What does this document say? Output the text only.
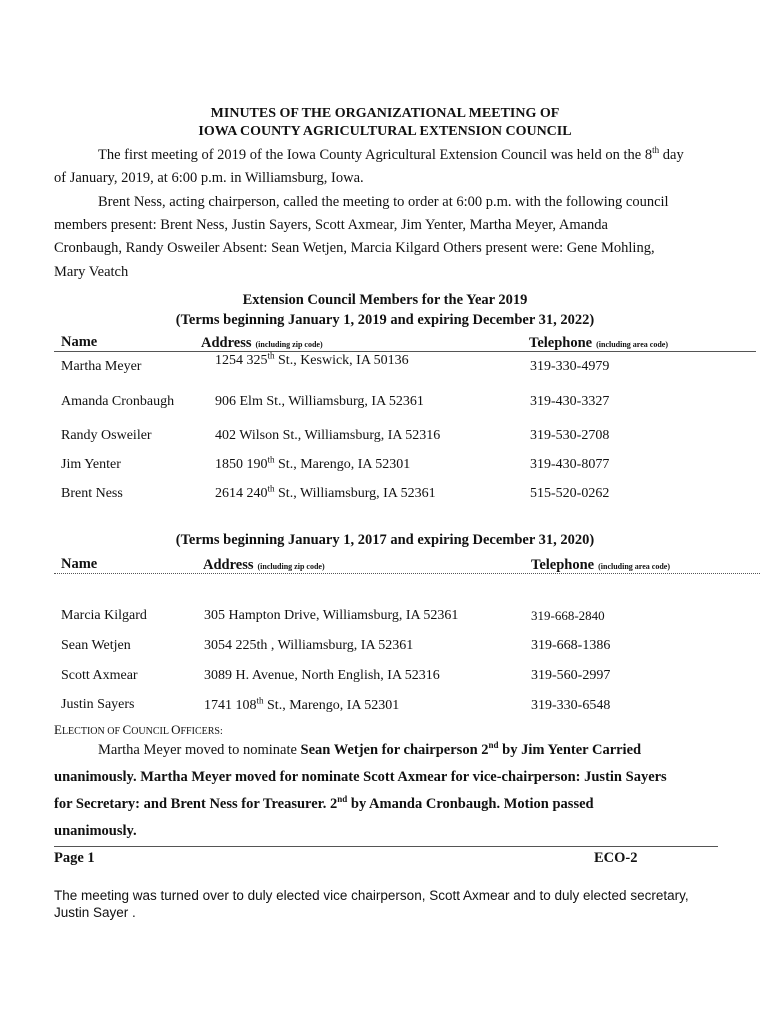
MINUTES OF THE ORGANIZATIONAL MEETING OF
IOWA COUNTY AGRICULTURAL EXTENSION COUNCIL
The first meeting of 2019 of the Iowa County Agricultural Extension Council was held on the 8th day
of January, 2019, at 6:00 p.m. in Williamsburg, Iowa.
Brent Ness, acting chairperson, called the meeting to order at 6:00 p.m. with the following council
members present: Brent Ness, Justin Sayers, Scott Axmear, Jim Yenter, Martha Meyer, Amanda
Cronbaugh, Randy Osweiler Absent: Sean Wetjen, Marcia Kilgard Others present were: Gene Mohling,
Mary Veatch
Extension Council Members for the Year 2019
(Terms beginning January 1, 2019 and expiring December 31, 2022)
Name	Address (including zip code)	Telephone (including area code)
Martha Meyer	1254 325th St., Keswick, IA 50136	319-330-4979
Amanda Cronbaugh	906 Elm St., Williamsburg, IA 52361	319-430-3327
Randy Osweiler	402 Wilson St., Williamsburg, IA 52316	319-530-2708
Jim Yenter	1850 190th St., Marengo, IA 52301	319-430-8077
Brent Ness	2614 240th St., Williamsburg, IA 52361	515-520-0262
(Terms beginning January 1, 2017 and expiring December 31, 2020)
Name	Address (including zip code)	Telephone (including area code)
Marcia Kilgard	305 Hampton Drive, Williamsburg, IA 52361	319-668-2840
Sean Wetjen	3054 225th , Williamsburg, IA 52361	319-668-1386
Scott Axmear	3089 H. Avenue, North English, IA 52316	319-560-2997
Justin Sayers	1741 108th St., Marengo, IA 52301	319-330-6548
ELECTION OF COUNCIL OFFICERS:
Martha Meyer moved to nominate Sean Wetjen for chairperson 2nd by Jim Yenter Carried
unanimously. Martha Meyer moved for nominate Scott Axmear for vice-chairperson: Justin Sayers
for Secretary: and Brent Ness for Treasurer. 2nd by Amanda Cronbaugh. Motion passed
unanimously.
Page 1	ECO-2
The meeting was turned over to duly elected vice chairperson, Scott Axmear and to duly elected secretary,
Justin Sayer .
